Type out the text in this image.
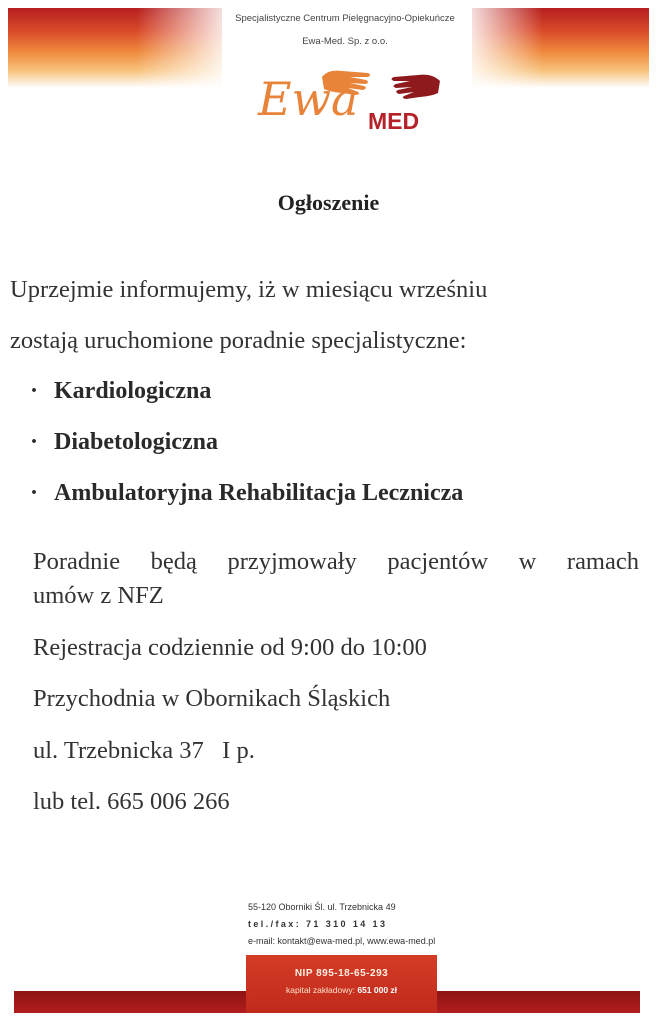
Specjalistyczne Centrum Pielęgnacyjno-Opiekuńcze
Ewa-Med. Sp. z o.o.
Ewa MED
Ogłoszenie
Uprzejmie informujemy, iż w miesiącu wrześniu
zostają uruchomione poradnie specjalistyczne:
· Kardiologiczna
· Diabetologiczna
· Ambulatoryjna Rehabilitacja Lecznicza
Poradnie będą przyjmowały pacjentów w ramach
umów z NFZ
Rejestracja codziennie od 9:00 do 10:00
Przychodnia w Obornikach Śląskich
ul. Trzebnicka 37   I p.
lub tel. 665 006 266
55-120 Oborniki Śl. ul. Trzebnicka 49
tel./fax: 71 310 14 13
e-mail: kontakt@ewa-med.pl, www.ewa-med.pl
NIP 895-18-65-293
kapitał zakładowy: 651 000 zł
